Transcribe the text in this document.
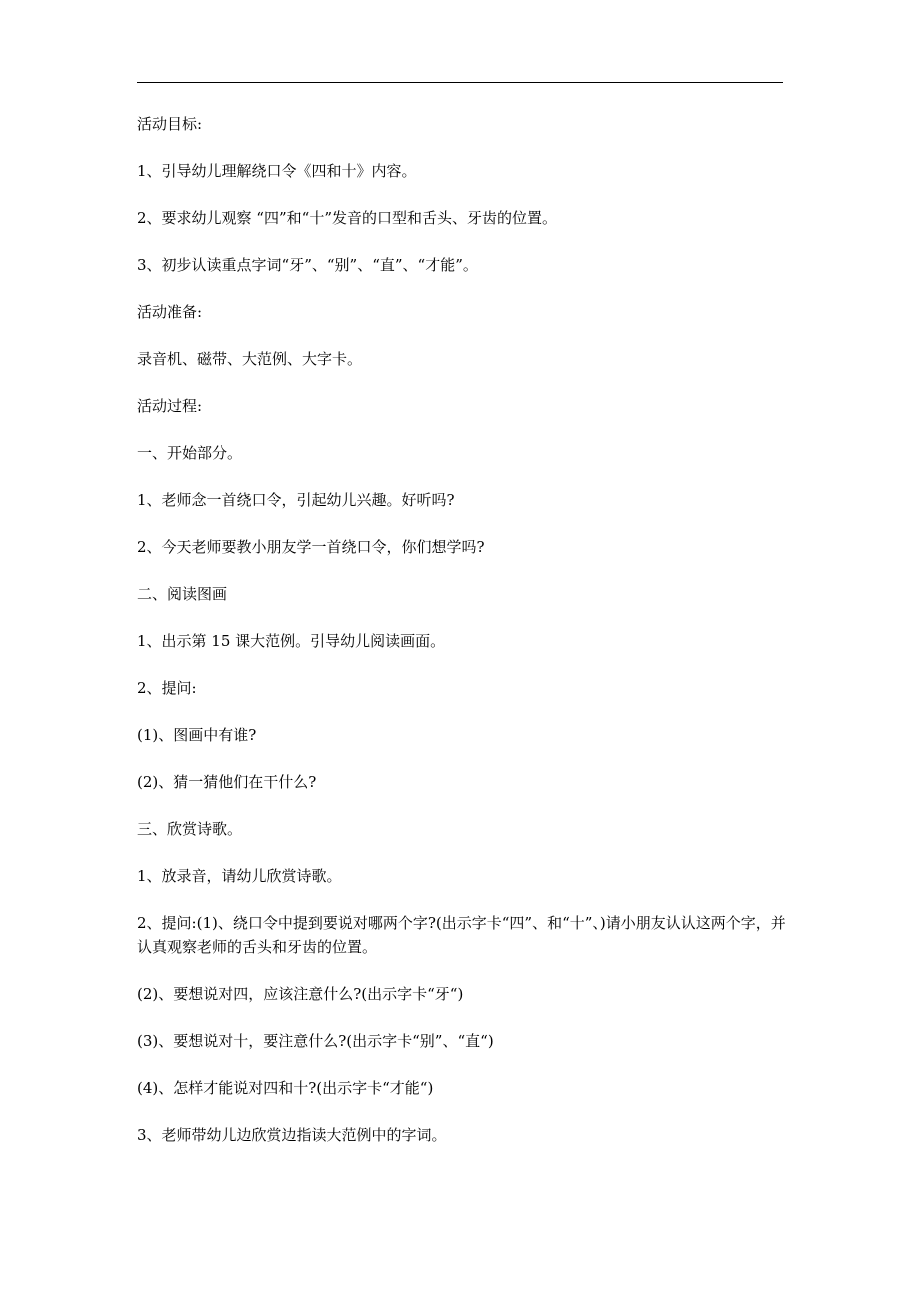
活动目标:

1、引导幼儿理解绕口令《四和十》内容。

2、要求幼儿观察 “四”和“十”发音的口型和舌头、牙齿的位置。

3、初步认读重点字词“牙”、“别”、“直”、“才能”。

活动准备:

录音机、磁带、大范例、大字卡。

活动过程:

一、开始部分。

1、老师念一首绕口令，引起幼儿兴趣。好听吗?

2、今天老师要教小朋友学一首绕口令，你们想学吗?

二、阅读图画

1、出示第 15 课大范例。引导幼儿阅读画面。

2、提问:

(1)、图画中有谁?

(2)、猜一猜他们在干什么?

三、欣赏诗歌。

1、放录音，请幼儿欣赏诗歌。

2、提问:(1)、绕口令中提到要说对哪两个字?(出示字卡“四”、和“十”、)请小朋友认认这两个字，并认真观察老师的舌头和牙齿的位置。

(2)、要想说对四，应该注意什么?(出示字卡“牙“)

(3)、要想说对十，要注意什么?(出示字卡“别”、“直“)

(4)、怎样才能说对四和十?(出示字卡“才能“)

3、老师带幼儿边欣赏边指读大范例中的字词。
